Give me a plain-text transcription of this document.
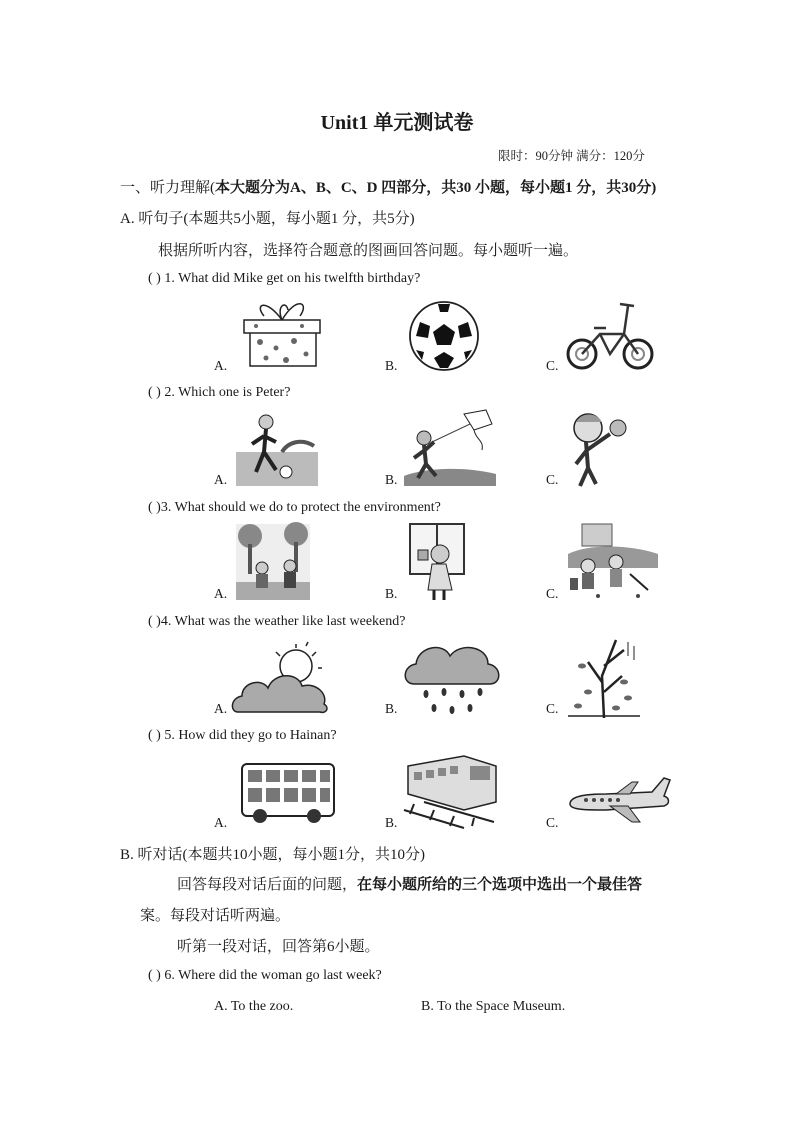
Unit1 单元测试卷
限时：90分钟 满分：120分
一、听力理解(本大题分为A、B、C、D 四部分，共30 小题，每小题1 分，共30分)
A. 听句子(本题共5小题，每小题1 分，共5分)
根据所听内容，选择符合题意的图画回答问题。每小题听一遍。
( ) 1. What did Mike get on his twelfth birthday?
A.	B.	C.
( ) 2. Which one is Peter?
A.	B.	C.
( )3. What should we do to protect the environment?
A.	B.	C.
( )4. What was the weather like last weekend?
A.	B.	C.
( ) 5. How did they go to Hainan?
A.	B.	C.
B. 听对话(本题共10小题，每小题1分，共10分)
回答每段对话后面的问题，在每小题所给的三个选项中选出一个最佳答
案。每段对话听两遍。
听第一段对话，回答第6小题。
( ) 6. Where did the woman go last week?
A. To the zoo.	B. To the Space Museum.
